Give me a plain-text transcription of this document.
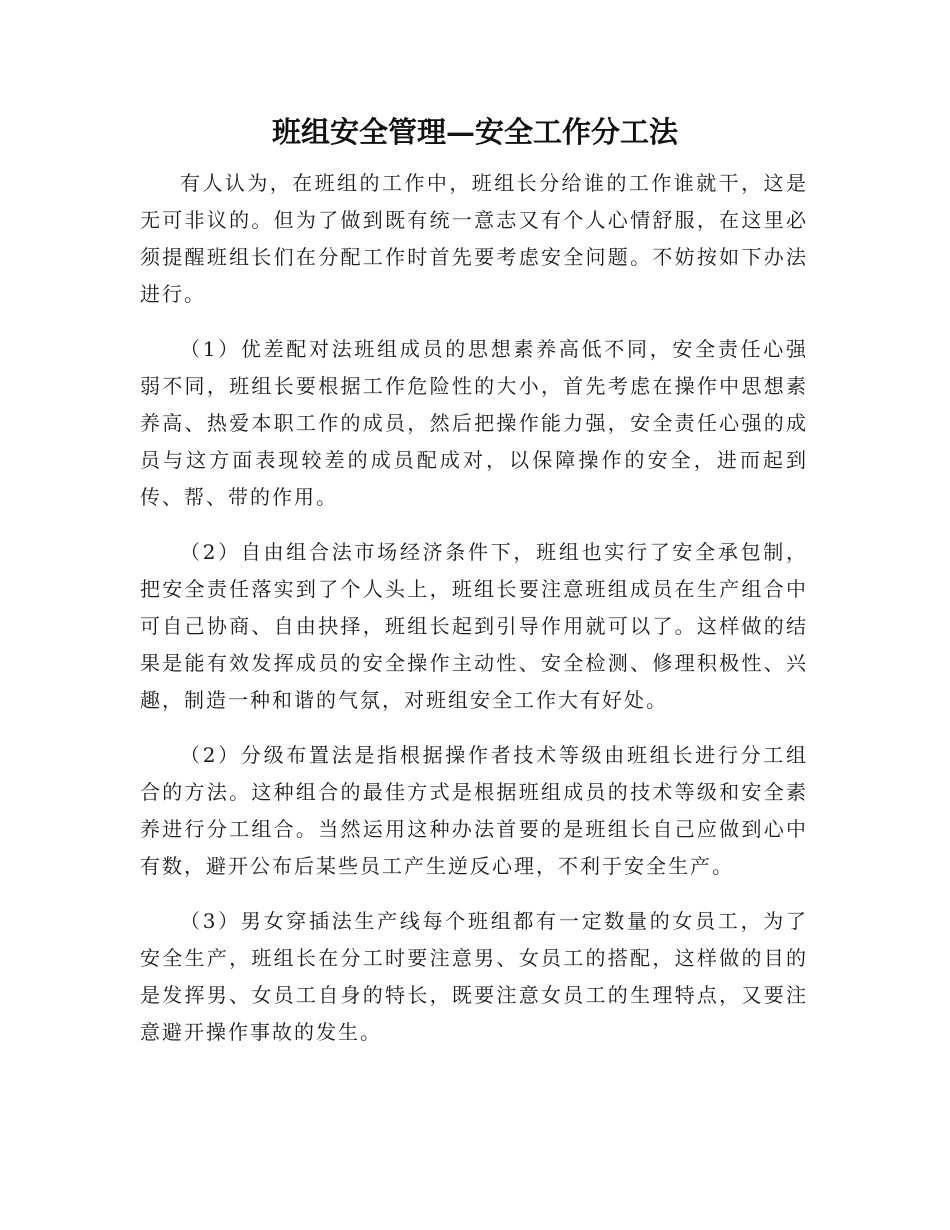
班组安全管理—安全工作分工法

有人认为，在班组的工作中，班组长分给谁的工作谁就干，这是无可非议的。但为了做到既有统一意志又有个人心情舒服，在这里必须提醒班组长们在分配工作时首先要考虑安全问题。不妨按如下办法进行。

（1）优差配对法班组成员的思想素养高低不同，安全责任心强弱不同，班组长要根据工作危险性的大小，首先考虑在操作中思想素养高、热爱本职工作的成员，然后把操作能力强，安全责任心强的成员与这方面表现较差的成员配成对，以保障操作的安全，进而起到传、帮、带的作用。

（2）自由组合法市场经济条件下，班组也实行了安全承包制，把安全责任落实到了个人头上，班组长要注意班组成员在生产组合中可自己协商、自由抉择，班组长起到引导作用就可以了。这样做的结果是能有效发挥成员的安全操作主动性、安全检测、修理积极性、兴趣，制造一种和谐的气氛，对班组安全工作大有好处。

（2）分级布置法是指根据操作者技术等级由班组长进行分工组合的方法。这种组合的最佳方式是根据班组成员的技术等级和安全素养进行分工组合。当然运用这种办法首要的是班组长自己应做到心中有数，避开公布后某些员工产生逆反心理，不利于安全生产。

（3）男女穿插法生产线每个班组都有一定数量的女员工，为了安全生产，班组长在分工时要注意男、女员工的搭配，这样做的目的是发挥男、女员工自身的特长，既要注意女员工的生理特点，又要注意避开操作事故的发生。
